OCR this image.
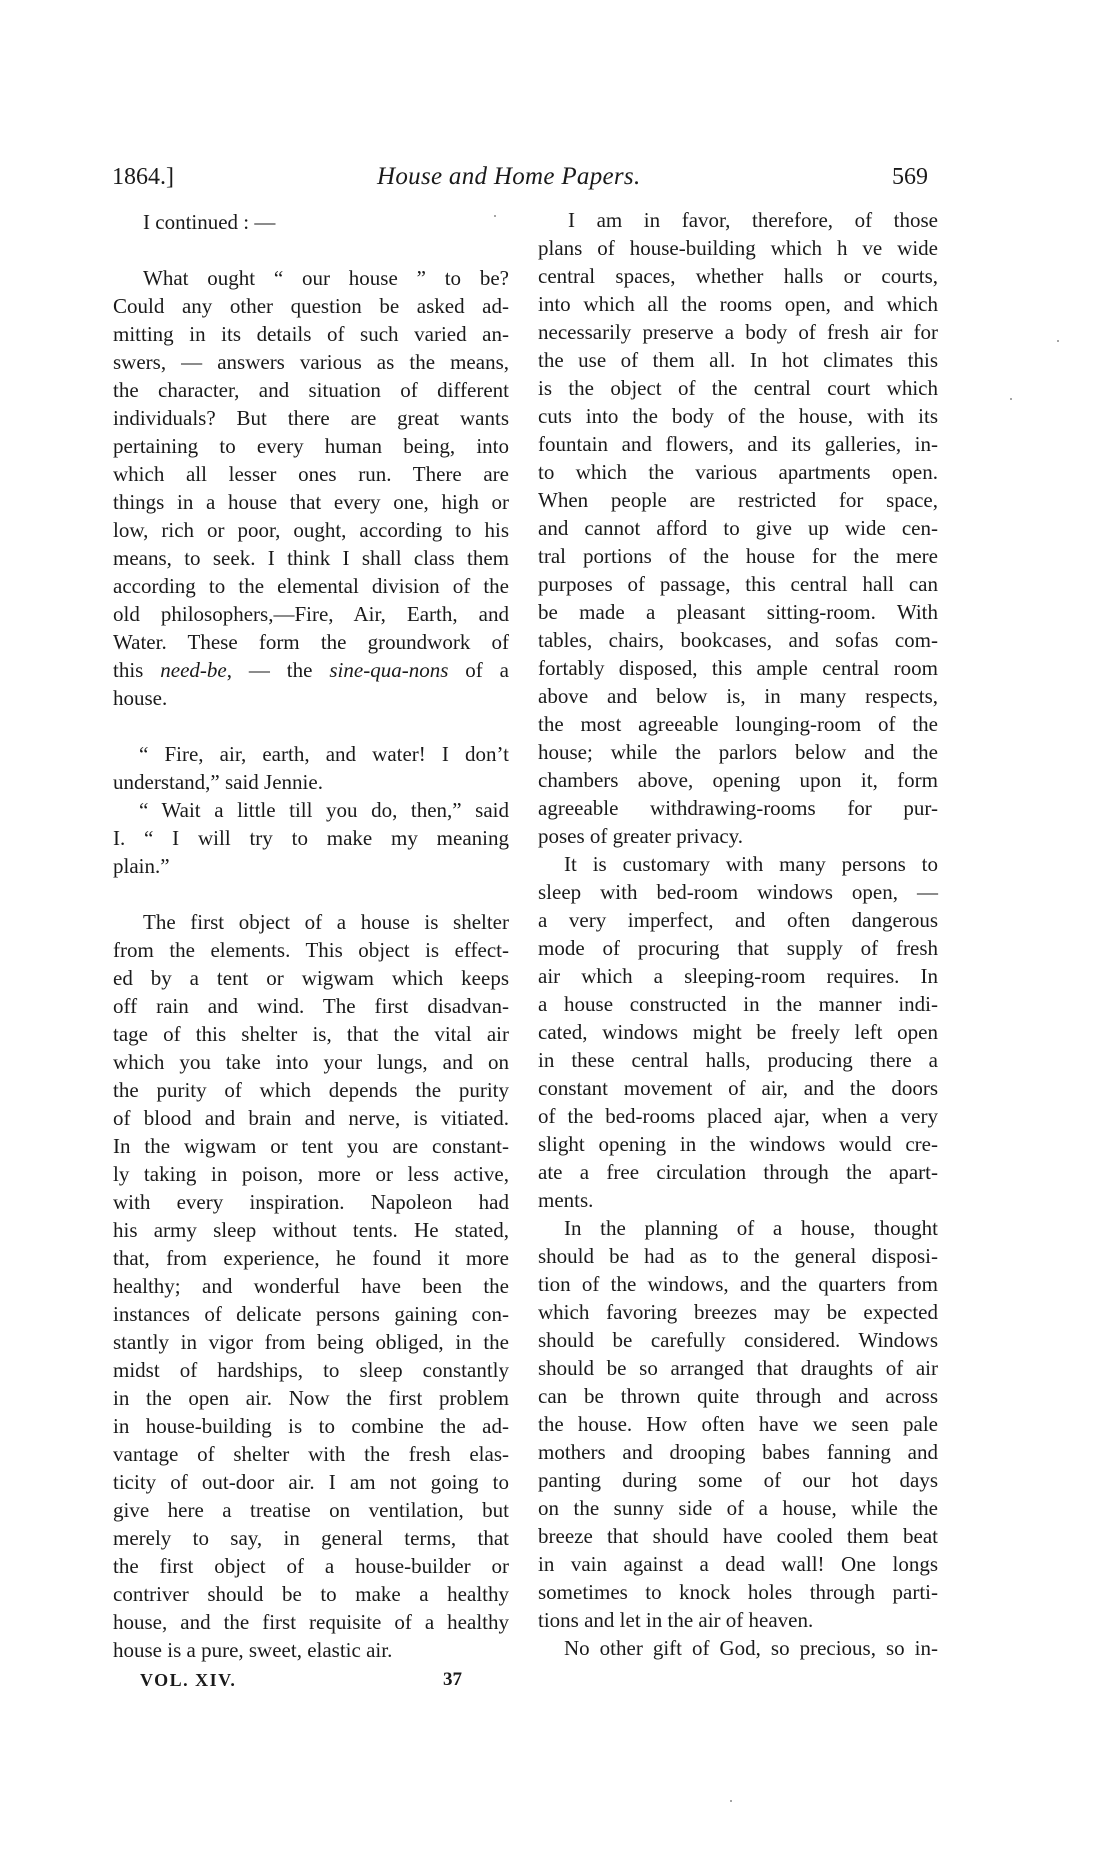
1864.]	House and Home Papers.	569
I continued : —
What ought “ our house ” to be?
Could any other question be asked ad-
mitting in its details of such varied an-
swers, — answers various as the means,
the character, and situation of different
individuals? But there are great wants
pertaining to every human being, into
which all lesser ones run. There are
things in a house that every one, high or
low, rich or poor, ought, according to his
means, to seek. I think I shall class them
according to the elemental division of the
old philosophers,—Fire, Air, Earth, and
Water. These form the groundwork of
this need-be, — the sine-qua-nons of a
house.
“ Fire, air, earth, and water! I don’t
understand,” said Jennie.
“ Wait a little till you do, then,” said
I. “ I will try to make my meaning
plain.”
The first object of a house is shelter
from the elements. This object is effect-
ed by a tent or wigwam which keeps
off rain and wind. The first disadvan-
tage of this shelter is, that the vital air
which you take into your lungs, and on
the purity of which depends the purity
of blood and brain and nerve, is vitiated.
In the wigwam or tent you are constant-
ly taking in poison, more or less active,
with every inspiration. Napoleon had
his army sleep without tents. He stated,
that, from experience, he found it more
healthy; and wonderful have been the
instances of delicate persons gaining con-
stantly in vigor from being obliged, in the
midst of hardships, to sleep constantly
in the open air. Now the first problem
in house-building is to combine the ad-
vantage of shelter with the fresh elas-
ticity of out-door air. I am not going to
give here a treatise on ventilation, but
merely to say, in general terms, that
the first object of a house-builder or
contriver should be to make a healthy
house, and the first requisite of a healthy
house is a pure, sweet, elastic air.
I am in favor, therefore, of those
plans of house-building which h ve wide
central spaces, whether halls or courts,
into which all the rooms open, and which
necessarily preserve a body of fresh air for
the use of them all. In hot climates this
is the object of the central court which
cuts into the body of the house, with its
fountain and flowers, and its galleries, in-
to which the various apartments open.
When people are restricted for space,
and cannot afford to give up wide cen-
tral portions of the house for the mere
purposes of passage, this central hall can
be made a pleasant sitting-room. With
tables, chairs, bookcases, and sofas com-
fortably disposed, this ample central room
above and below is, in many respects,
the most agreeable lounging-room of the
house; while the parlors below and the
chambers above, opening upon it, form
agreeable withdrawing-rooms for pur-
poses of greater privacy.
It is customary with many persons to
sleep with bed-room windows open, —
a very imperfect, and often dangerous
mode of procuring that supply of fresh
air which a sleeping-room requires. In
a house constructed in the manner indi-
cated, windows might be freely left open
in these central halls, producing there a
constant movement of air, and the doors
of the bed-rooms placed ajar, when a very
slight opening in the windows would cre-
ate a free circulation through the apart-
ments.
In the planning of a house, thought
should be had as to the general disposi-
tion of the windows, and the quarters from
which favoring breezes may be expected
should be carefully considered. Windows
should be so arranged that draughts of air
can be thrown quite through and across
the house. How often have we seen pale
mothers and drooping babes fanning and
panting during some of our hot days
on the sunny side of a house, while the
breeze that should have cooled them beat
in vain against a dead wall! One longs
sometimes to knock holes through parti-
tions and let in the air of heaven.
No other gift of God, so precious, so in-
VOL. XIV.	37
